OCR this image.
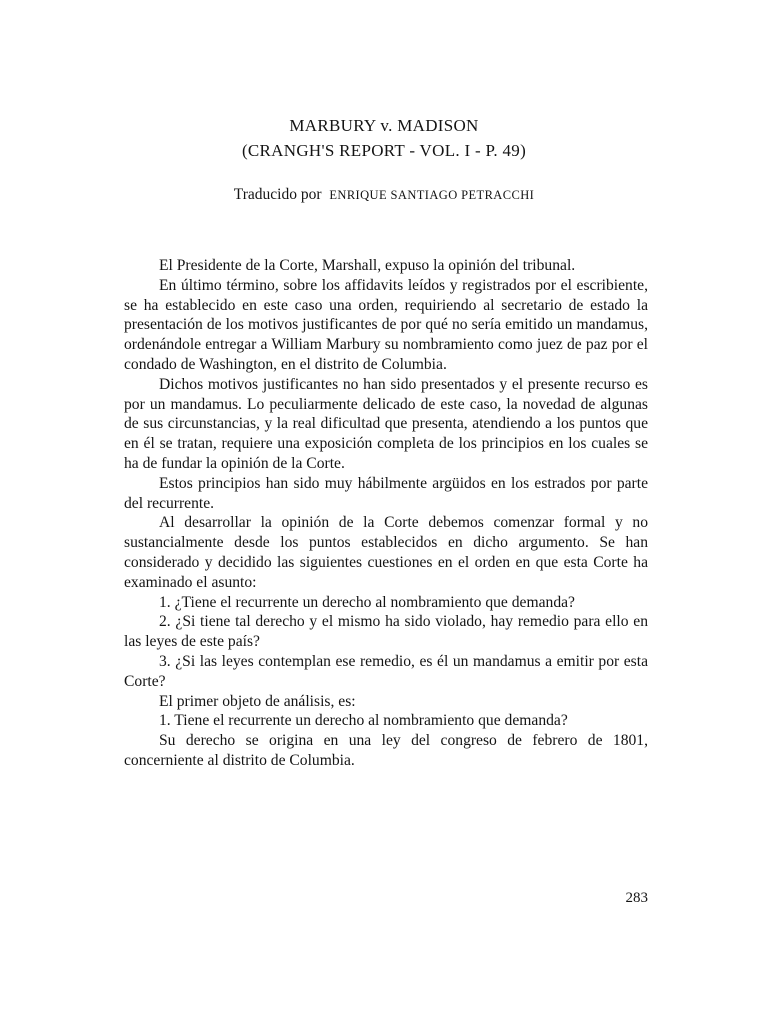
MARBURY v. MADISON
(CRANGH'S REPORT - VOL. I - P. 49)
Traducido por ENRIQUE SANTIAGO PETRACCHI

El Presidente de la Corte, Marshall, expuso la opinión del tribunal.

En último término, sobre los affidavits leídos y registrados por el escribiente, se ha establecido en este caso una orden, requiriendo al secretario de estado la presentación de los motivos justificantes de por qué no sería emitido un mandamus, ordenándole entregar a William Marbury su nombramiento como juez de paz por el condado de Washington, en el distrito de Columbia.

Dichos motivos justificantes no han sido presentados y el presente recurso es por un mandamus. Lo peculiarmente delicado de este caso, la novedad de algunas de sus circunstancias, y la real dificultad que presenta, atendiendo a los puntos que en él se tratan, requiere una exposición completa de los principios en los cuales se ha de fundar la opinión de la Corte.

Estos principios han sido muy hábilmente argüidos en los estrados por parte del recurrente.

Al desarrollar la opinión de la Corte debemos comenzar formal y no sustancialmente desde los puntos establecidos en dicho argumento. Se han considerado y decidido las siguientes cuestiones en el orden en que esta Corte ha examinado el asunto:

1. ¿Tiene el recurrente un derecho al nombramiento que demanda?

2. ¿Si tiene tal derecho y el mismo ha sido violado, hay remedio para ello en las leyes de este país?

3. ¿Si las leyes contemplan ese remedio, es él un mandamus a emitir por esta Corte?

El primer objeto de análisis, es:

1. Tiene el recurrente un derecho al nombramiento que demanda?

Su derecho se origina en una ley del congreso de febrero de 1801, concerniente al distrito de Columbia.

283
